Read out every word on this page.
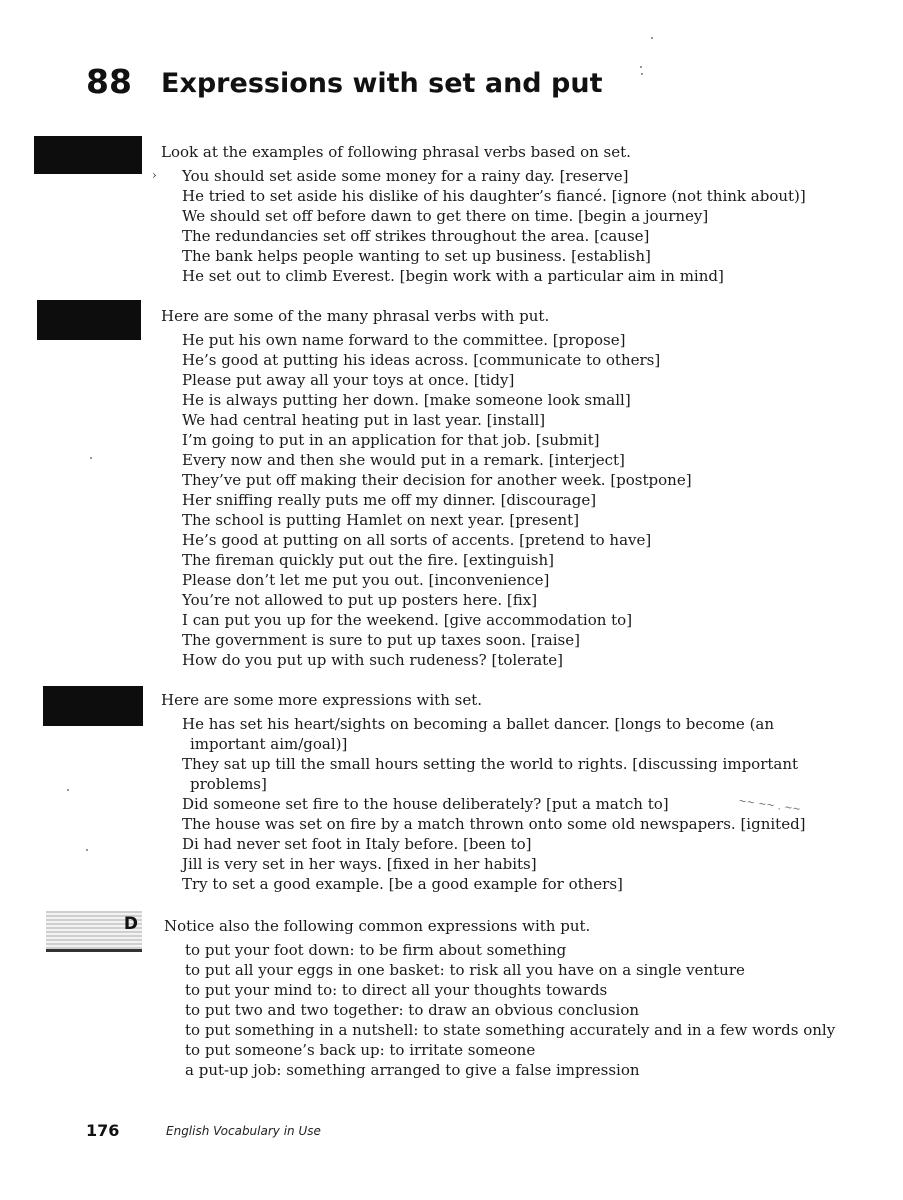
88 Expressions with set and put
D
›
Look at the examples of following phrasal verbs based on set.
You should set aside some money for a rainy day. [reserve]
He tried to set aside his dislike of his daughter’s fiancé. [ignore (not think about)]
We should set off before dawn to get there on time. [begin a journey]
The redundancies set off strikes throughout the area. [cause]
The bank helps people wanting to set up business. [establish]
He set out to climb Everest. [begin work with a particular aim in mind]
Here are some of the many phrasal verbs with put.
He put his own name forward to the committee. [propose]
He’s good at putting his ideas across. [communicate to others]
Please put away all your toys at once. [tidy]
He is always putting her down. [make someone look small]
We had central heating put in last year. [install]
I’m going to put in an application for that job. [submit]
Every now and then she would put in a remark. [interject]
They’ve put off making their decision for another week. [postpone]
Her sniffing really puts me off my dinner. [discourage]
The school is putting Hamlet on next year. [present]
He’s good at putting on all sorts of accents. [pretend to have]
The fireman quickly put out the fire. [extinguish]
Please don’t let me put you out. [inconvenience]
You’re not allowed to put up posters here. [fix]
I can put you up for the weekend. [give accommodation to]
The government is sure to put up taxes soon. [raise]
How do you put up with such rudeness? [tolerate]
Here are some more expressions with set.
He has set his heart/sights on becoming a ballet dancer. [longs to become (an important aim/goal)]
They sat up till the small hours setting the world to rights. [discussing important problems]
Did someone set fire to the house deliberately? [put a match to]
The house was set on fire by a match thrown onto some old newspapers. [ignited]
Di had never set foot in Italy before. [been to]
Jill is very set in her ways. [fixed in her habits]
Try to set a good example. [be a good example for others]
Notice also the following common expressions with put.
to put your foot down: to be firm about something
to put all your eggs in one basket: to risk all you have on a single venture
to put your mind to: to direct all your thoughts towards
to put two and two together: to draw an obvious conclusion
to put something in a nutshell: to state something accurately and in a few words only
to put someone’s back up: to irritate someone
a put-up job: something arranged to give a false impression
~~ ~~ . ~~
176	English Vocabulary in Use
